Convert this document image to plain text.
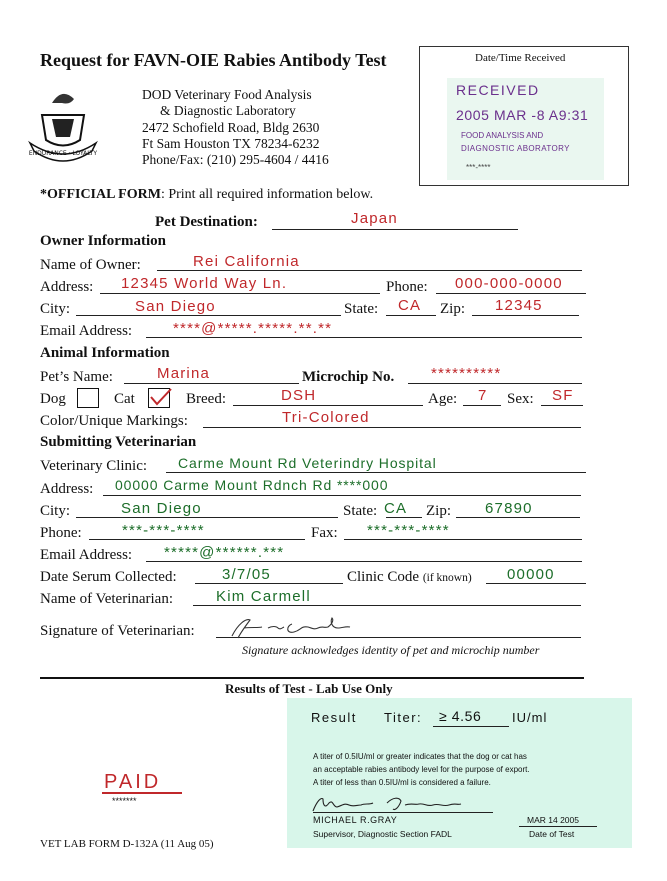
Request for FAVN-OIE Rabies Antibody Test
ENDURANCE · LOYALTY
DOD Veterinary Food Analysis
& Diagnostic Laboratory
2472 Schofield Road, Bldg 2630
Ft Sam Houston TX 78234-6232
Phone/Fax: (210) 295-4604 / 4416
Date/Time Received
RECEIVED
2005 MAR -8 A9:31
FOOD ANALYSIS AND
DIAGNOSTIC ABORATORY
***-****
*OFFICIAL FORM: Print all required information below.
Pet Destination:	Japan
Owner Information
Name of Owner:	Rei California
Address: 12345 World Way Ln.	Phone: 000-000-0000
City:	San Diego	State: CA Zip: 12345
Email Address:	****@*****.*****.**.**
Animal Information
Pet’s Name:	Marina	Microchip No. **********
Dog	Cat	Breed:	DSH	Age: 7 Sex: SF
Color/Unique Markings:	Tri-Colored
Submitting Veterinarian
Veterinary Clinic: Carme Mount Rd Veterindry Hospital
Address: 00000 Carme Mount Rdnch Rd ****000
City:	San Diego	State: CA Zip: 67890
Phone:	***-***-****	Fax: ***-***-****
Email Address: *****@******.***
Date Serum Collected:	3/7/05	Clinic Code (if known) 00000
Name of Veterinarian:	Kim Carmell
Signature of Veterinarian:
Signature acknowledges identity of pet and microchip number
Results of Test - Lab Use Only
Result Titer: ≥ 4.56 IU/ml
A titer of 0.5IU/ml or greater indicates that the dog or cat has
an acceptable rabies antibody level for the purpose of export.
A titer of less than 0.5IU/ml is considered a failure.
MICHAEL R.GRAY
Supervisor, Diagnostic Section FADL
MAR 14 2005
Date of Test
PAID
*******
VET LAB FORM D-132A (11 Aug 05)
